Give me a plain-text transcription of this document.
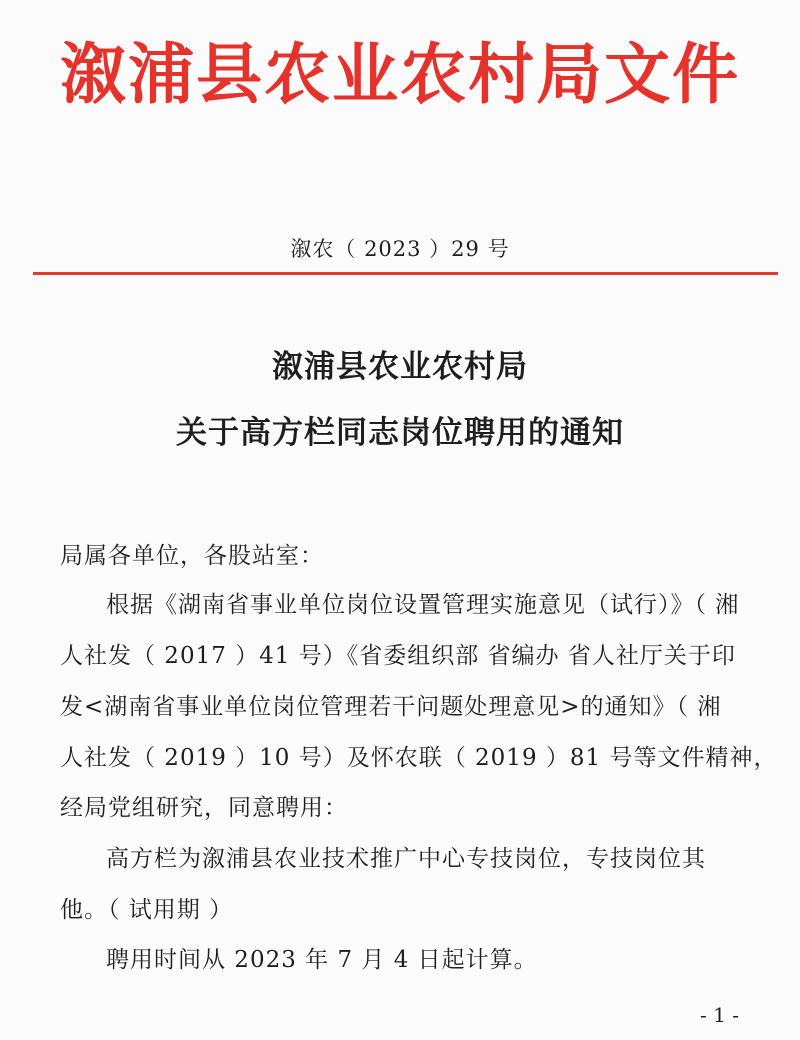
溆浦县农业农村局文件
溆农（ 2023 ）29 号
溆浦县农业农村局
关于高方栏同志岗位聘用的通知
局属各单位，各股站室：
根据《湖南省事业单位岗位设置管理实施意见（试行）》（ 湘
人社发（ 2017 ）41 号）《省委组织部 省编办 省人社厅关于印
发<湖南省事业单位岗位管理若干问题处理意见>的通知》（ 湘
人社发（ 2019 ）10 号）及怀农联（ 2019 ）81 号等文件精神，
经局党组研究，同意聘用：
高方栏为溆浦县农业技术推广中心专技岗位，专技岗位其
他。（ 试用期 ）
聘用时间从 2023 年 7 月 4 日起计算。
- 1 -
